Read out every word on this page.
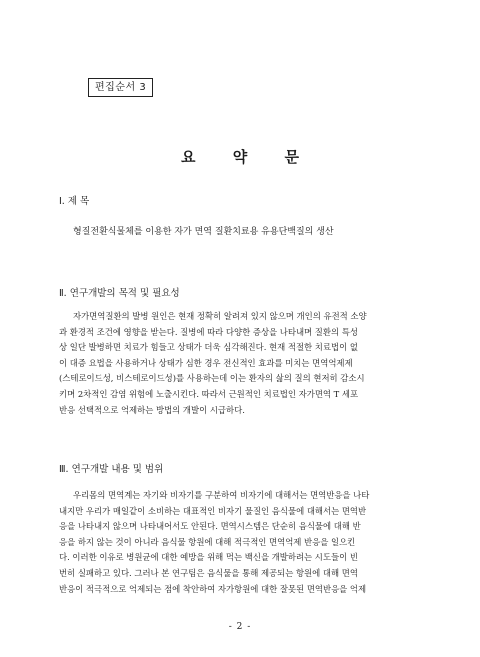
편집순서 3
요 약 문
Ⅰ. 제 목
형질전환식물체를 이용한 자가 면역 질환치료용 유용단백질의 생산
Ⅱ. 연구개발의 목적 및 필요성
자가면역질환의 발병 원인은 현재 정확히 알려져 있지 않으며 개인의 유전적 소양
과 환경적 조건에 영향을 받는다. 질병에 따라 다양한 증상을 나타내며 질환의 특성
상 일단 발병하면 치료가 힘들고 상태가 더욱 심각해진다. 현재 적절한 치료법이 없
이 대증 요법을 사용하거나 상태가 심한 경우 전신적인 효과를 미치는 면역억제제
(스테로이드성, 비스테로이드성)를 사용하는데 이는 환자의 삶의 질의 현저히 감소시
키며 2차적인 감염 위험에 노출시킨다. 따라서 근원적인 치료법인 자가면역 T 세포
반응 선택적으로 억제하는 방법의 개발이 시급하다.
Ⅲ. 연구개발 내용 및 범위
우리몸의 면역계는 자기와 비자기를 구분하여 비자기에 대해서는 면역반응을 나타
내지만 우리가 매일같이 소비하는 대표적인 비자기 물질인 음식물에 대해서는 면역반
응을 나타내지 않으며 나타내어서도 안된다. 면역시스템은 단순히 음식물에 대해 반
응을 하지 않는 것이 아니라 음식물 항원에 대해 적극적인 면역억제 반응을 일으킨
다. 이러한 이유로 병원균에 대한 예방을 위해 먹는 백신을 개발하려는 시도들이 빈
번히 실패하고 있다. 그러나 본 연구팀은 음식물을 통해 제공되는 항원에 대해 면역
반응이 적극적으로 억제되는 점에 착안하여 자가항원에 대한 잘못된 면역반응을 억제
- 2 -
